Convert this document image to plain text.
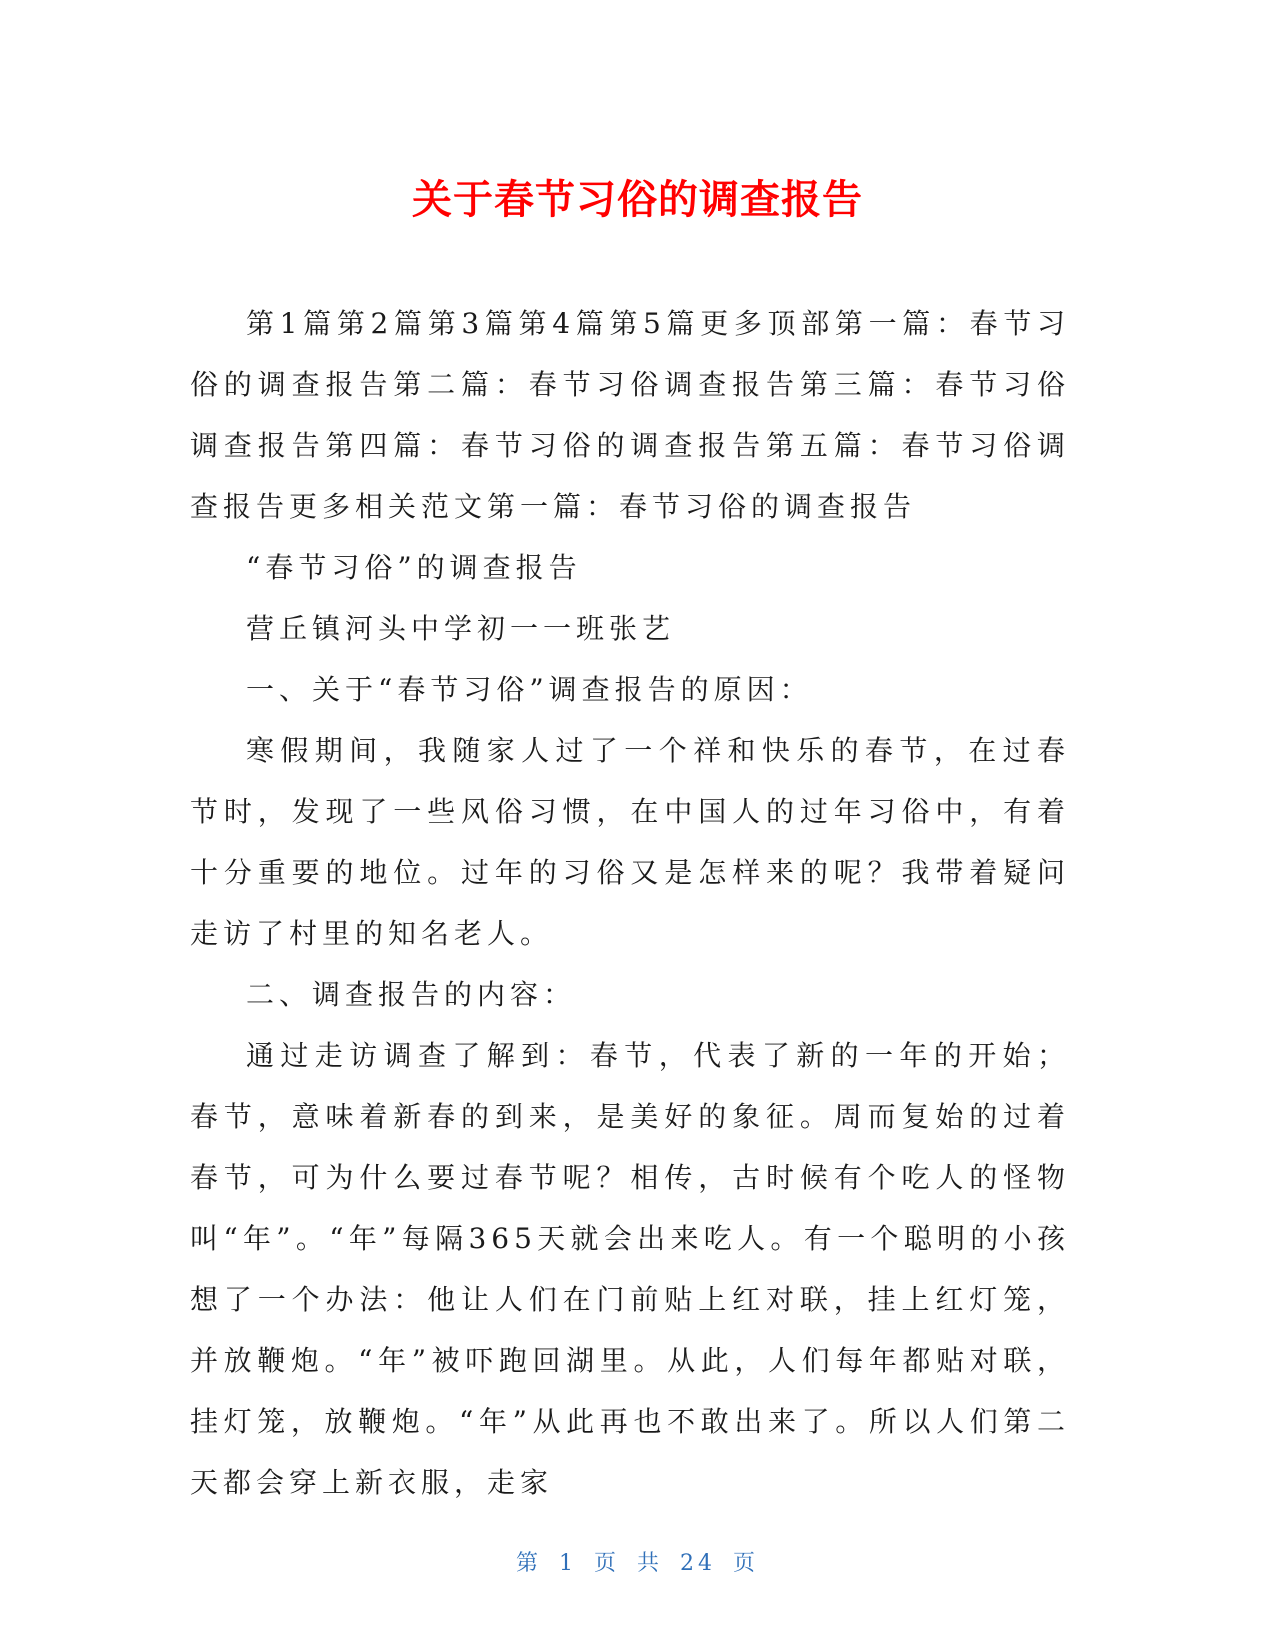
关于春节习俗的调查报告

第1篇第2篇第3篇第4篇第5篇更多顶部第一篇：春节习俗的调查报告第二篇：春节习俗调查报告第三篇：春节习俗调查报告第四篇：春节习俗的调查报告第五篇：春节习俗调查报告更多相关范文第一篇：春节习俗的调查报告

“春节习俗”的调查报告

营丘镇河头中学初一一班张艺

一、关于“春节习俗”调查报告的原因：

寒假期间，我随家人过了一个祥和快乐的春节，在过春节时，发现了一些风俗习惯，在中国人的过年习俗中，有着十分重要的地位。过年的习俗又是怎样来的呢？我带着疑问走访了村里的知名老人。

二、调查报告的内容：

通过走访调查了解到：春节，代表了新的一年的开始；春节，意味着新春的到来，是美好的象征。周而复始的过着春节，可为什么要过春节呢？相传，古时候有个吃人的怪物叫“年”。“年”每隔365天就会出来吃人。有一个聪明的小孩想了一个办法：他让人们在门前贴上红对联，挂上红灯笼，并放鞭炮。“年”被吓跑回湖里。从此，人们每年都贴对联，挂灯笼，放鞭炮。“年”从此再也不敢出来了。所以人们第二天都会穿上新衣服，走家

第 1 页 共 24 页
